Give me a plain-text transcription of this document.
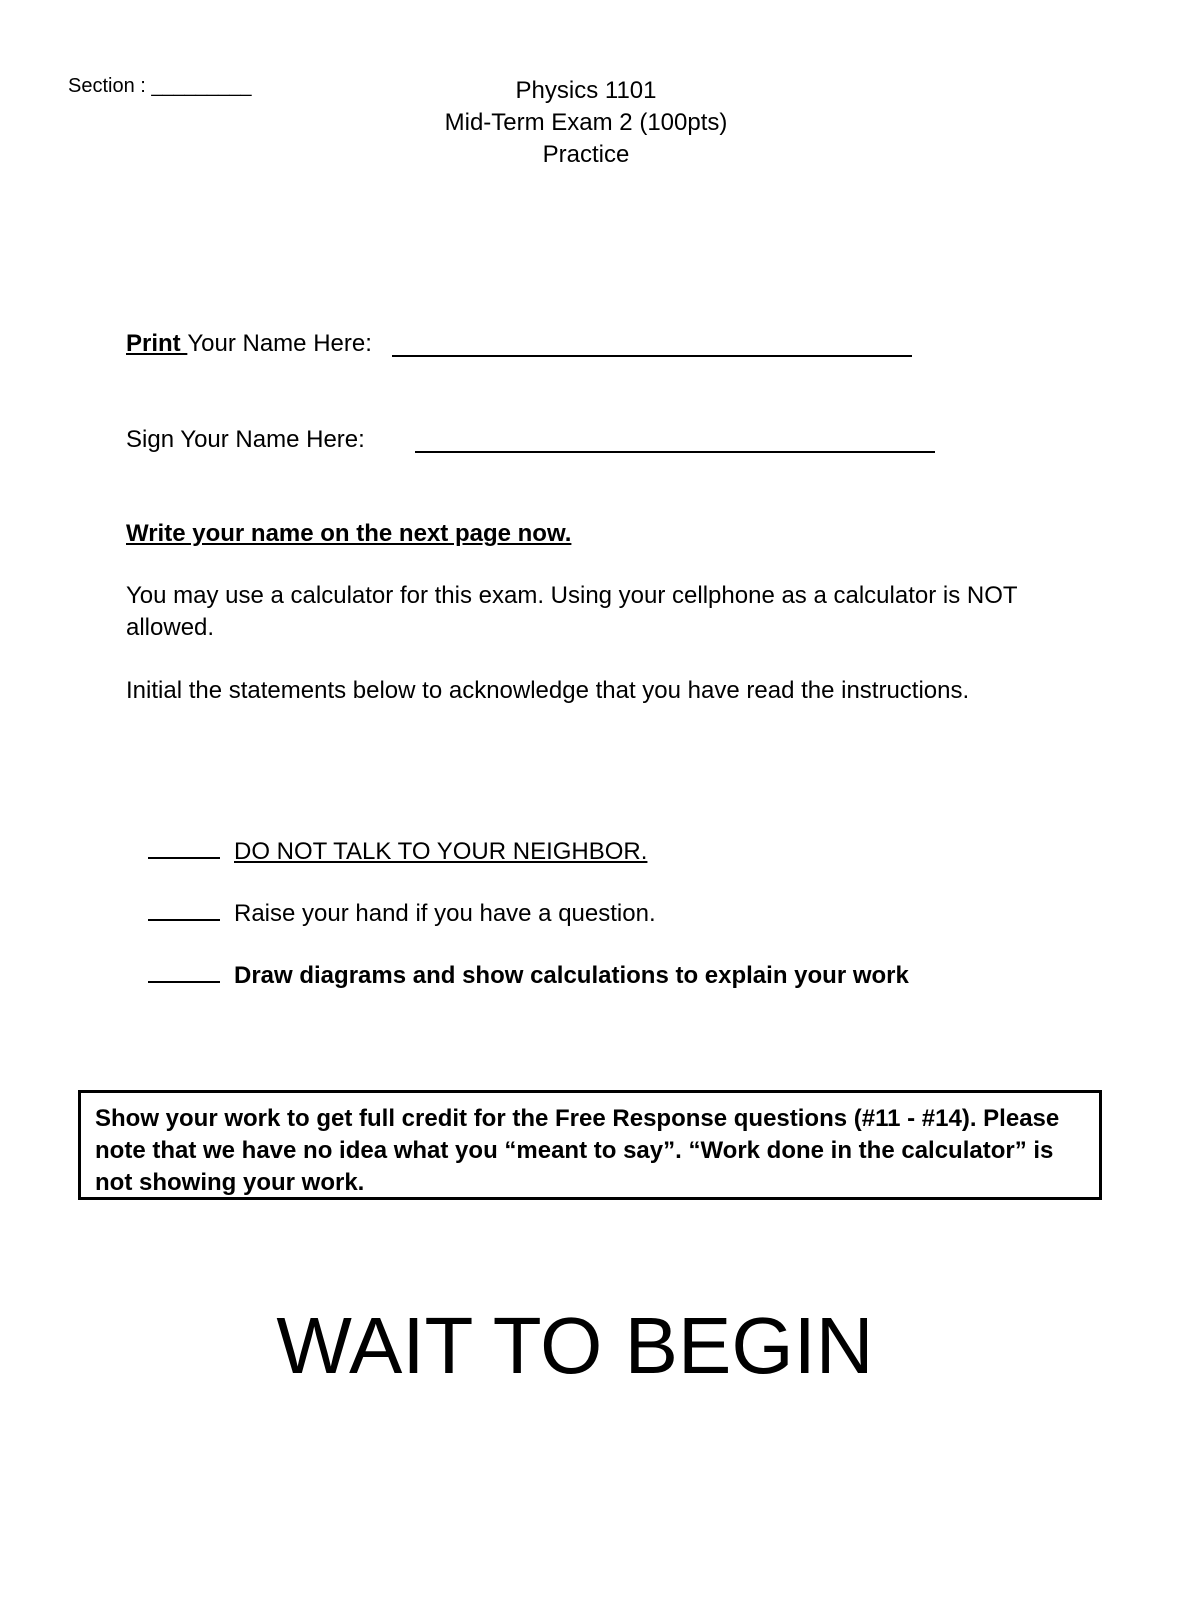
Section : _________	Physics 1101
Mid-Term Exam 2 (100pts)
Practice
Print Your Name Here:
Sign Your Name Here:
Write your name on the next page now.
You may use a calculator for this exam. Using your cellphone as a calculator is NOT allowed.
Initial the statements below to acknowledge that you have read the instructions.
DO NOT TALK TO YOUR NEIGHBOR.
Raise your hand if you have a question.
Draw diagrams and show calculations to explain your work
Show your work to get full credit for the Free Response questions (#11 - #14). Please note that we have no idea what you “meant to say”. “Work done in the calculator” is not showing your work.
WAIT TO BEGIN
